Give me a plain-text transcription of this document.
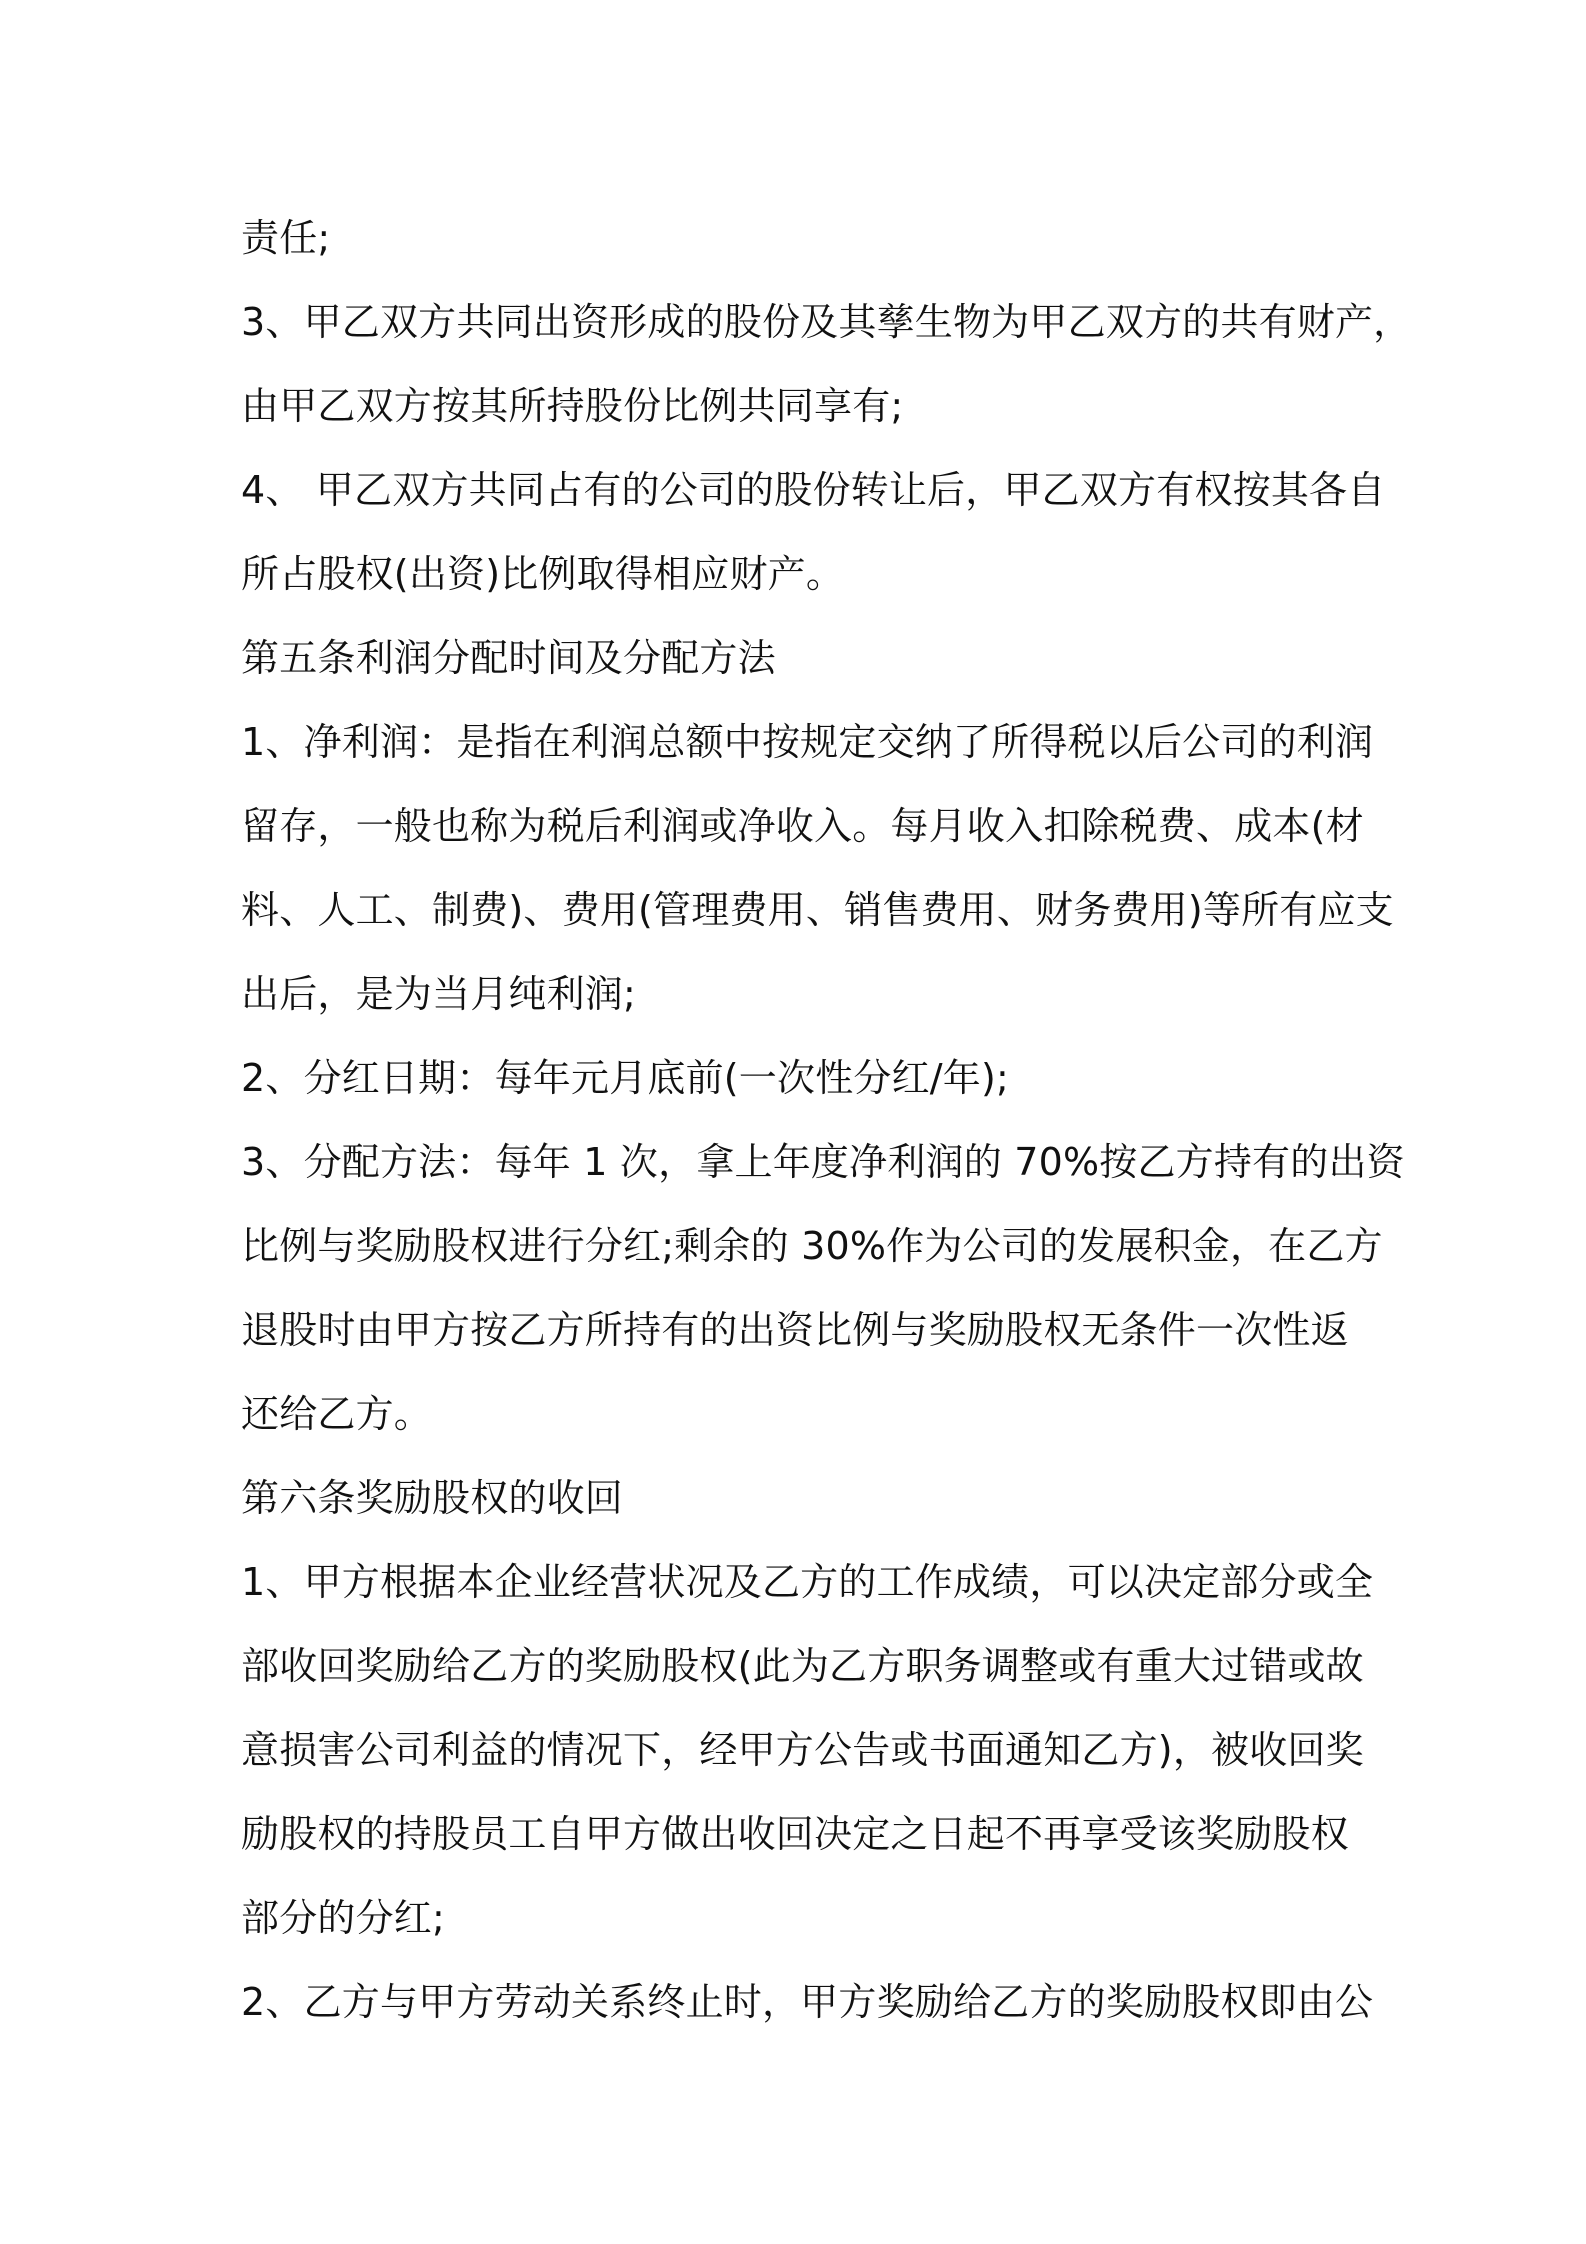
责任;
3、甲乙双方共同出资形成的股份及其孳生物为甲乙双方的共有财产，
由甲乙双方按其所持股份比例共同享有;
4、 甲乙双方共同占有的公司的股份转让后，甲乙双方有权按其各自
所占股权(出资)比例取得相应财产。
第五条利润分配时间及分配方法
1、净利润：是指在利润总额中按规定交纳了所得税以后公司的利润
留存，一般也称为税后利润或净收入。每月收入扣除税费、成本(材
料、人工、制费)、费用(管理费用、销售费用、财务费用)等所有应支
出后，是为当月纯利润;
2、分红日期：每年元月底前(一次性分红/年);
3、分配方法：每年 1 次，拿上年度净利润的 70%按乙方持有的出资
比例与奖励股权进行分红;剩余的 30%作为公司的发展积金，在乙方
退股时由甲方按乙方所持有的出资比例与奖励股权无条件一次性返
还给乙方。
第六条奖励股权的收回
1、甲方根据本企业经营状况及乙方的工作成绩，可以决定部分或全
部收回奖励给乙方的奖励股权(此为乙方职务调整或有重大过错或故
意损害公司利益的情况下，经甲方公告或书面通知乙方)，被收回奖
励股权的持股员工自甲方做出收回决定之日起不再享受该奖励股权
部分的分红;
2、乙方与甲方劳动关系终止时，甲方奖励给乙方的奖励股权即由公
